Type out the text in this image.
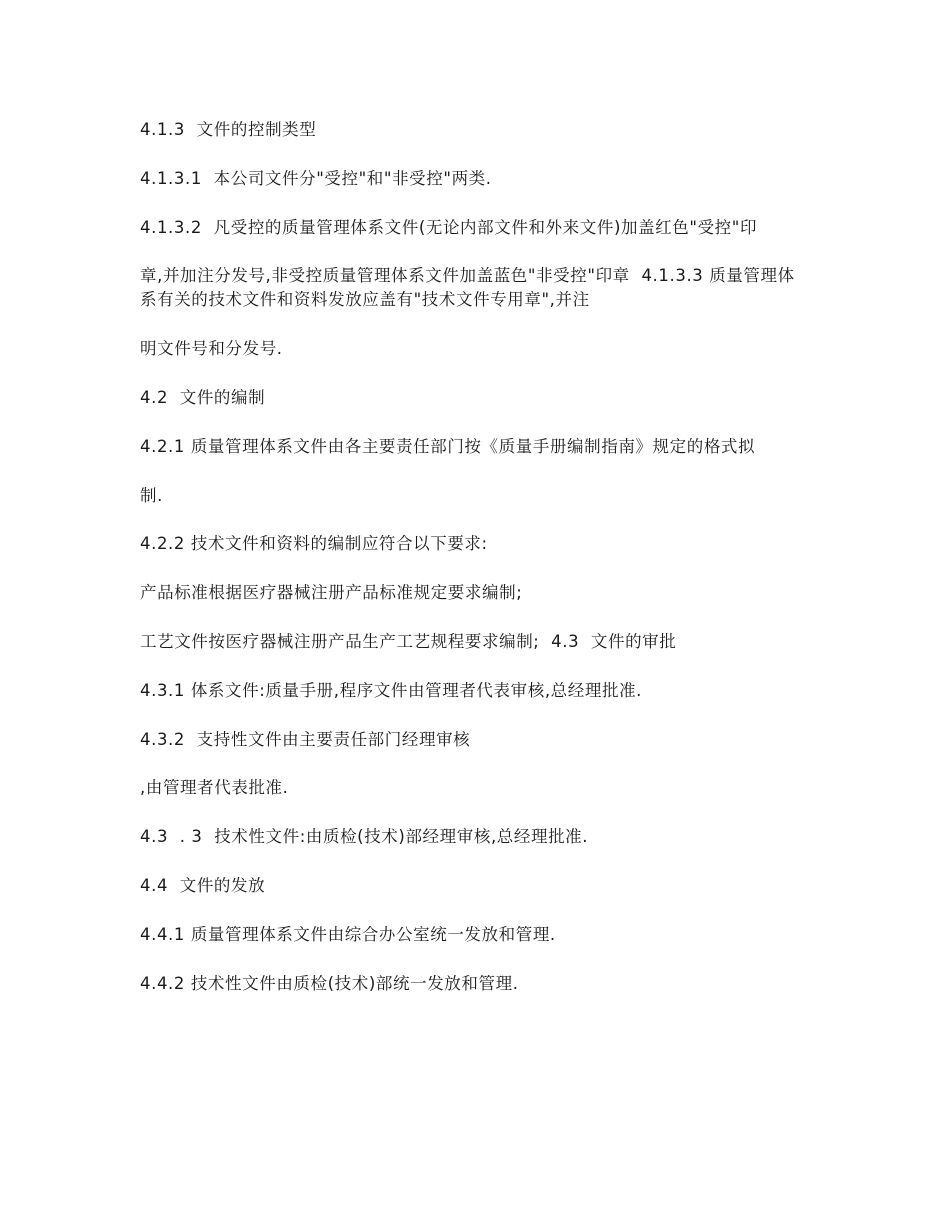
4.1.3  文件的控制类型

4.1.3.1  本公司文件分"受控"和"非受控"两类.

4.1.3.2  凡受控的质量管理体系文件(无论内部文件和外来文件)加盖红色"受控"印

章,并加注分发号,非受控质量管理体系文件加盖蓝色"非受控"印章  4.1.3.3 质量管理体系有关的技术文件和资料发放应盖有"技术文件专用章",并注

明文件号和分发号.

4.2  文件的编制

4.2.1 质量管理体系文件由各主要责任部门按《质量手册编制指南》规定的格式拟

制.

4.2.2 技术文件和资料的编制应符合以下要求:

产品标准根据医疗器械注册产品标准规定要求编制;

工艺文件按医疗器械注册产品生产工艺规程要求编制;  4.3  文件的审批

4.3.1 体系文件:质量手册,程序文件由管理者代表审核,总经理批准.

4.3.2  支持性文件由主要责任部门经理审核

,由管理者代表批准.

4.3  . 3  技术性文件:由质检(技术)部经理审核,总经理批准.

4.4  文件的发放

4.4.1 质量管理体系文件由综合办公室统一发放和管理.

4.4.2 技术性文件由质检(技术)部统一发放和管理.
